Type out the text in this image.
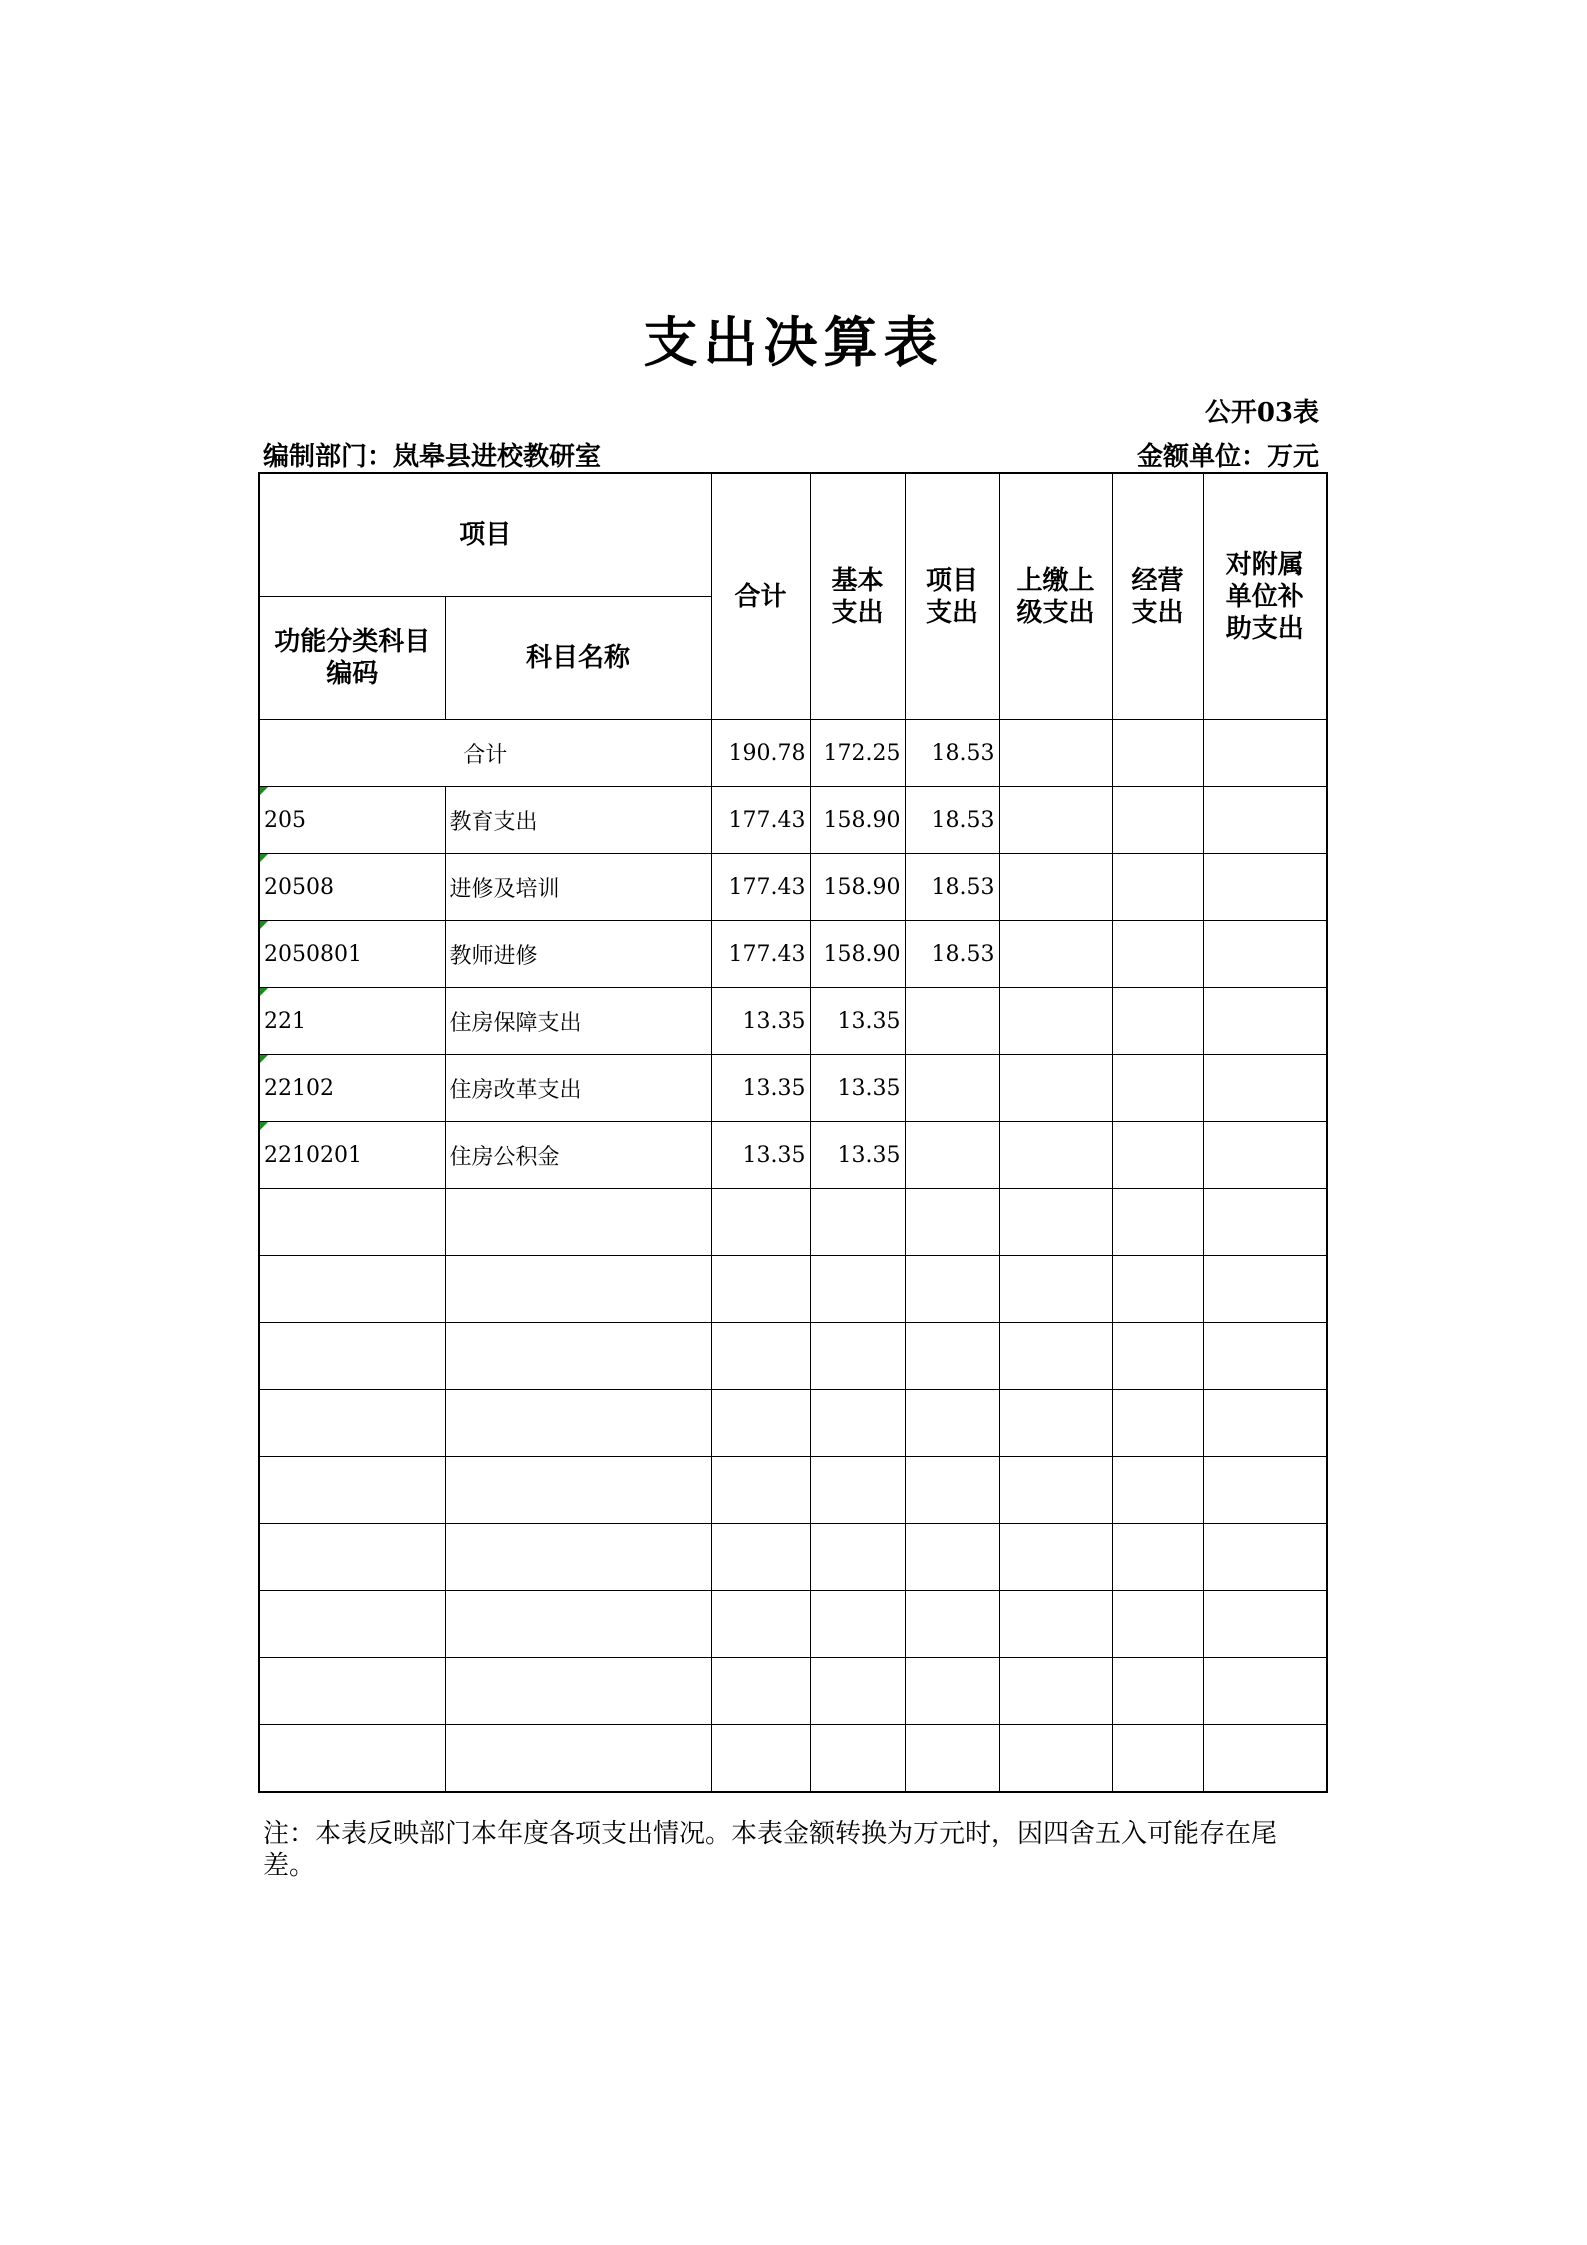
支出决算表
公开03表
编制部门：岚皋县进校教研室	金额单位：万元
项目		合计	基本支出	项目支出	上缴上级支出	经营支出	对附属单位补助支出

功能分类科目编码	科目名称						
合计		190.78	172.25	18.53			

205	教育支出	177.43	158.90	18.53			

20508	进修及培训	177.43	158.90	18.53			

2050801	教师进修	177.43	158.90	18.53			

221	住房保障支出	13.35	13.35				

22102	住房改革支出	13.35	13.35				

2210201	住房公积金	13.35	13.35				

注：本表反映部门本年度各项支出情况。本表金额转换为万元时，因四舍五入可能存在尾差。
